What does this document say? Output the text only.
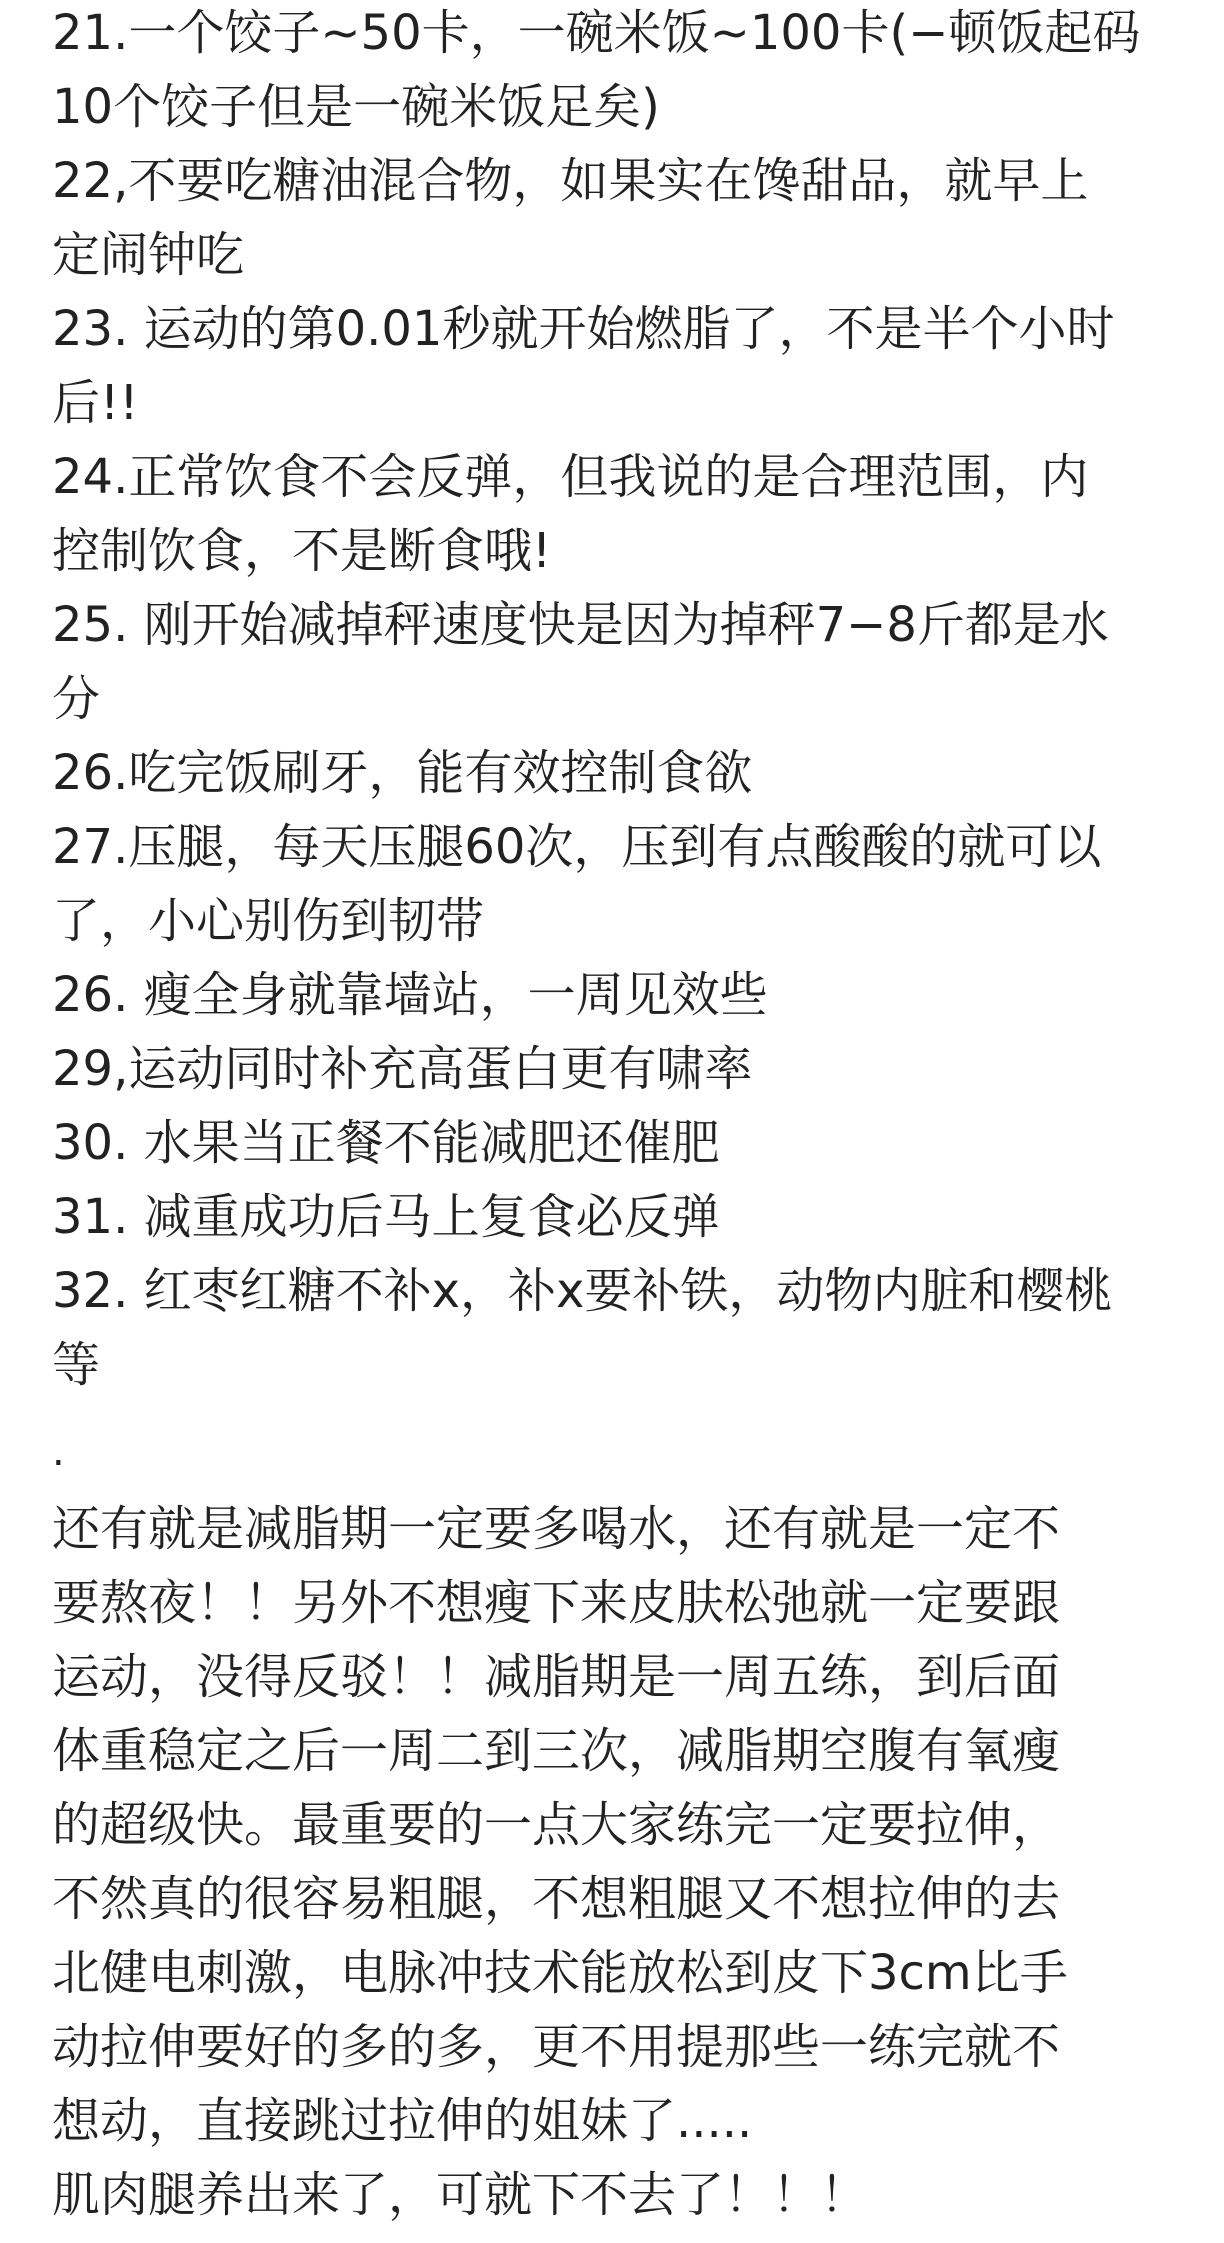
21.一个饺子~50卡，一碗米饭~100卡(−顿饭起码
10个饺子但是一碗米饭足矣)
22,不要吃糖油混合物，如果实在馋甜品，就早上
定闹钟吃
23. 运动的第0.01秒就开始燃脂了，不是半个小时
后!!
24.正常饮食不会反弹，但我说的是合理范围，内
控制饮食，不是断食哦!
25. 刚开始减掉秤速度快是因为掉秤7−8斤都是水
分
26.吃完饭刷牙，能有效控制食欲
27.压腿，每天压腿60次，压到有点酸酸的就可以
了，小心别伤到韧带
26. 瘦全身就靠墙站，一周见效些
29,运动同时补充高蛋白更有啸率
30. 水果当正餐不能减肥还催肥
31. 减重成功后马上复食必反弹
32. 红枣红糖不补x，补x要补铁，动物内脏和樱桃
等
.
还有就是减脂期一定要多喝水，还有就是一定不
要熬夜！！另外不想瘦下来皮肤松弛就一定要跟
运动，没得反驳！！减脂期是一周五练，到后面
体重稳定之后一周二到三次，减脂期空腹有氧瘦
的超级快。最重要的一点大家练完一定要拉伸，
不然真的很容易粗腿，不想粗腿又不想拉伸的去
北健电刺激，电脉冲技术能放松到皮下3cm比手
动拉伸要好的多的多，更不用提那些一练完就不
想动，直接跳过拉伸的姐妹了.....
肌肉腿养出来了，可就下不去了！！！
